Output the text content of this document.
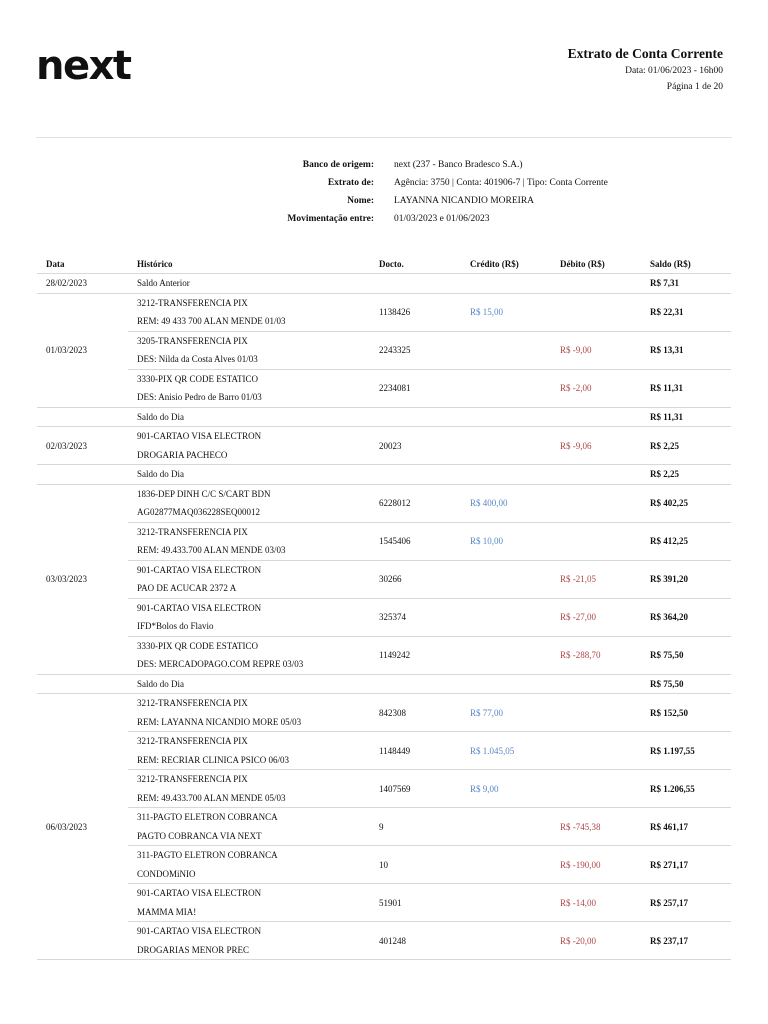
next	Extrato de Conta Corrente
Data: 01/06/2023 - 16h00
Página 1 de 20
Banco de origem: next (237 - Banco Bradesco S.A.)
Extrato de: Agência: 3750 | Conta: 401906-7 | Tipo: Conta Corrente
Nome: LAYANNA NICANDIO MOREIRA
Movimentação entre: 01/03/2023 e 01/06/2023
Data	Histórico	Docto.	Crédito (R$)	Débito (R$)	Saldo (R$)
28/02/2023	Saldo Anterior				R$ 7,31
01/03/2023	3212-TRANSFERENCIA PIX
REM: 49 433 700 ALAN MENDE 01/03	1138426	R$ 15,00		R$ 22,31

	3205-TRANSFERENCIA PIX
DES: Nilda da Costa Alves 01/03	2243325		R$ -9,00	R$ 13,31

	3330-PIX QR CODE ESTATICO
DES: Anisio Pedro de Barro 01/03	2234081		R$ -2,00	R$ 11,31

	Saldo do Dia				R$ 11,31
02/03/2023	901-CARTAO VISA ELECTRON
DROGARIA PACHECO	20023		R$ -9,06	R$ 2,25

	Saldo do Dia				R$ 2,25
03/03/2023	1836-DEP DINH C/C S/CART BDN
AG02877MAQ036228SEQ00012	6228012	R$ 400,00		R$ 402,25

	3212-TRANSFERENCIA PIX
REM: 49.433.700 ALAN MENDE 03/03	1545406	R$ 10,00		R$ 412,25

	901-CARTAO VISA ELECTRON
PAO DE ACUCAR 2372 A	30266		R$ -21,05	R$ 391,20

	901-CARTAO VISA ELECTRON
IFD*Bolos do Flavio	325374		R$ -27,00	R$ 364,20

	3330-PIX QR CODE ESTATICO
DES: MERCADOPAGO.COM REPRE 03/03	1149242		R$ -288,70	R$ 75,50

	Saldo do Dia				R$ 75,50
06/03/2023	3212-TRANSFERENCIA PIX
REM: LAYANNA NICANDIO MORE 05/03	842308	R$ 77,00		R$ 152,50

	3212-TRANSFERENCIA PIX
REM: RECRIAR CLINICA PSICO 06/03	1148449	R$ 1.045,05		R$ 1.197,55

	3212-TRANSFERENCIA PIX
REM: 49.433.700 ALAN MENDE 05/03	1407569	R$ 9,00		R$ 1.206,55

	311-PAGTO ELETRON COBRANCA
PAGTO COBRANCA VIA NEXT	9		R$ -745,38	R$ 461,17

	311-PAGTO ELETRON COBRANCA
CONDOMiNIO	10		R$ -190,00	R$ 271,17

	901-CARTAO VISA ELECTRON
MAMMA MIA!	51901		R$ -14,00	R$ 257,17

	901-CARTAO VISA ELECTRON
DROGARIAS MENOR PREC	401248		R$ -20,00	R$ 237,17
